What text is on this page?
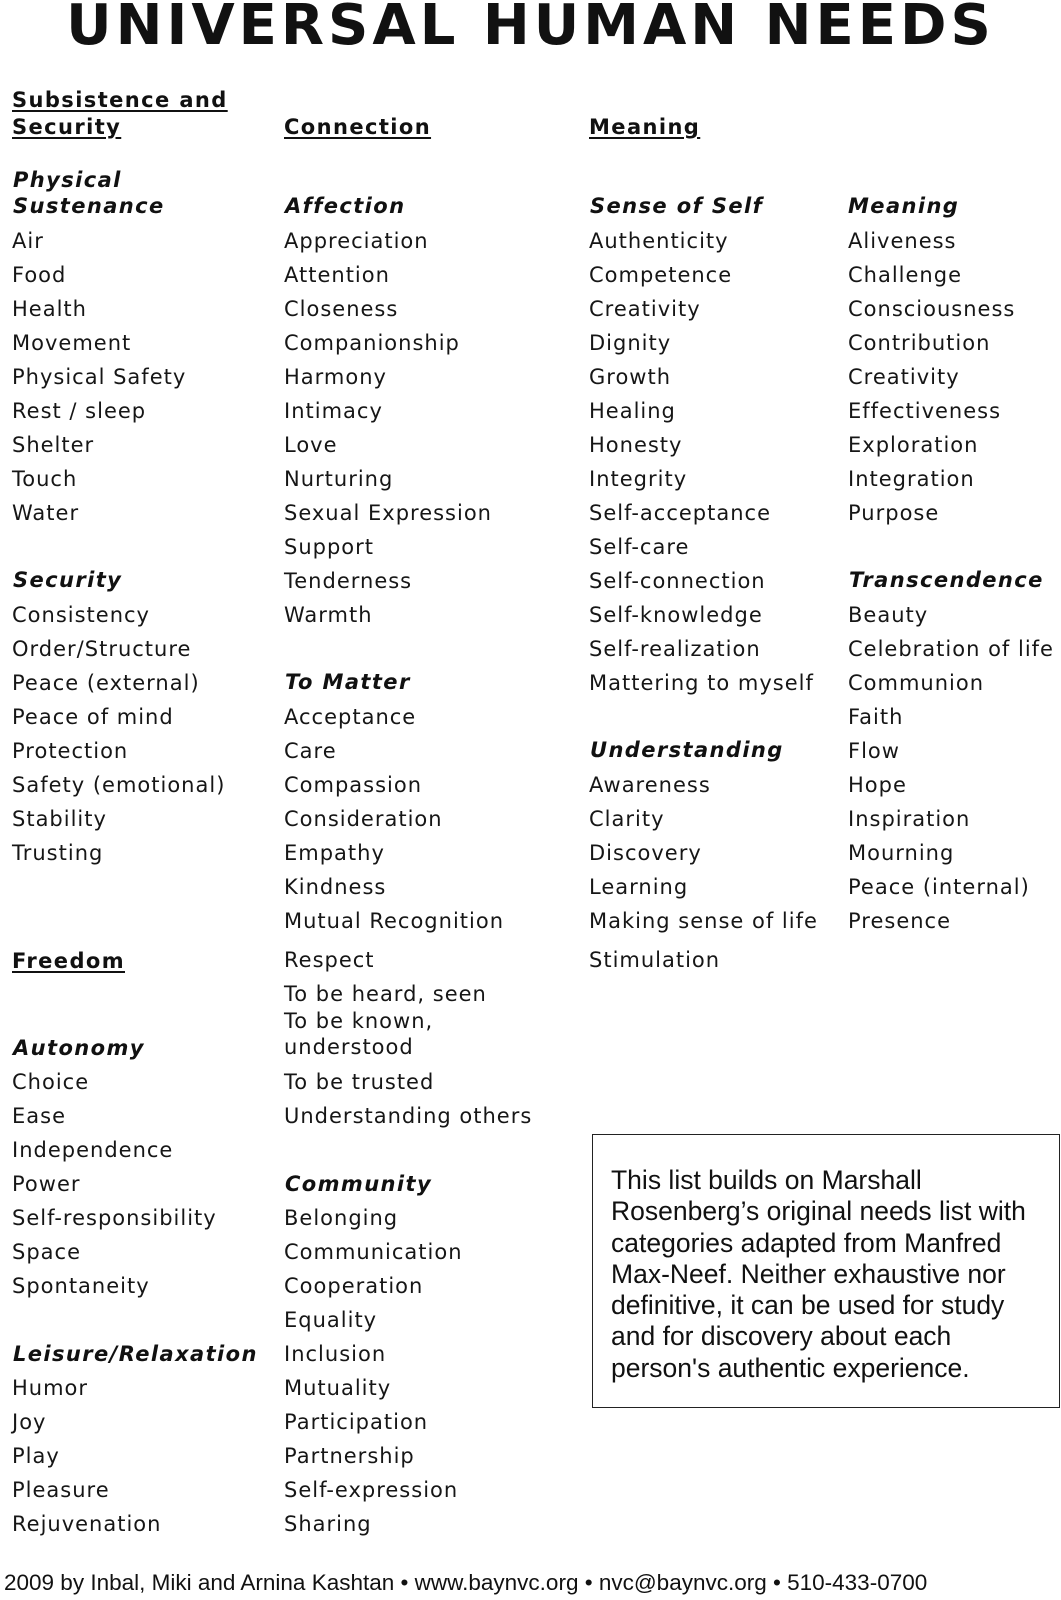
UNIVERSAL HUMAN NEEDS
Subsistence and
Security
Physical
Sustenance
Air
Food
Health
Movement
Physical Safety
Rest / sleep
Shelter
Touch
Water
Security
Consistency
Order/Structure
Peace (external)
Peace of mind
Protection
Safety (emotional)
Stability
Trusting
Freedom
Autonomy
Choice
Ease
Independence
Power
Self-responsibility
Space
Spontaneity
Leisure/Relaxation
Humor
Joy
Play
Pleasure
Rejuvenation
Connection
Affection
Appreciation
Attention
Closeness
Companionship
Harmony
Intimacy
Love
Nurturing
Sexual Expression
Support
Tenderness
Warmth
To Matter
Acceptance
Care
Compassion
Consideration
Empathy
Kindness
Mutual Recognition
Respect
To be heard, seen
To be known,
understood
To be trusted
Understanding others
Community
Belonging
Communication
Cooperation
Equality
Inclusion
Mutuality
Participation
Partnership
Self-expression
Sharing
Meaning
Sense of Self
Authenticity
Competence
Creativity
Dignity
Growth
Healing
Honesty
Integrity
Self-acceptance
Self-care
Self-connection
Self-knowledge
Self-realization
Mattering to myself
Understanding
Awareness
Clarity
Discovery
Learning
Making sense of life
Stimulation
Meaning
Aliveness
Challenge
Consciousness
Contribution
Creativity
Effectiveness
Exploration
Integration
Purpose
Transcendence
Beauty
Celebration of life
Communion
Faith
Flow
Hope
Inspiration
Mourning
Peace (internal)
Presence
This list builds on Marshall Rosenberg’s original needs list with categories adapted from Manfred Max-Neef. Neither exhaustive nor definitive, it can be used for study and for discovery about each person's authentic experience.
2009 by Inbal, Miki and Arnina Kashtan • www.baynvc.org • nvc@baynvc.org • 510-433-0700
